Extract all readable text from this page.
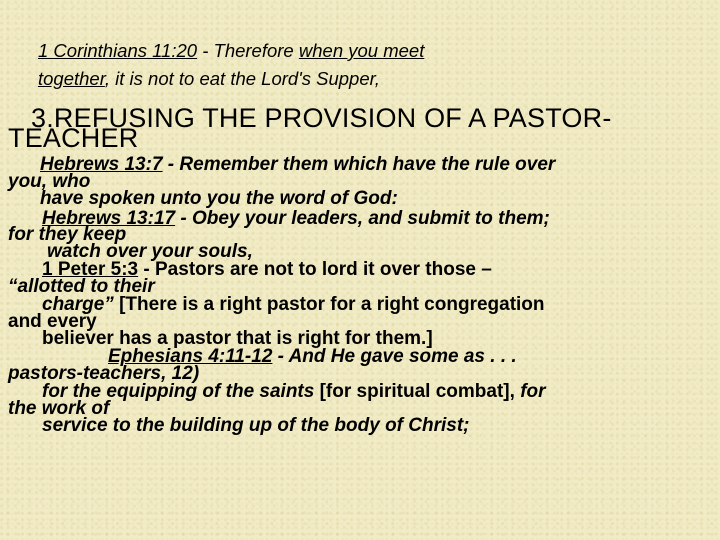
1 Corinthians 11:20 - Therefore when you meet
together, it is not to eat the Lord's Supper,
3.REFUSING THE PROVISION OF A PASTOR-
TEACHER
Hebrews 13:7 - Remember them which have the rule over
you, who
have spoken unto you the word of God:
Hebrews 13:17 - Obey your leaders, and submit to them;
for they keep
watch over your souls,
1 Peter 5:3 - Pastors are not to lord it over those –
“allotted to their
charge” [There is a right pastor for a right congregation
and every
believer has a pastor that is right for them.]
Ephesians 4:11-12 - And He gave some as . . .
pastors-teachers, 12)
for the equipping of the saints [for spiritual combat], for
the work of
service to the building up of the body of Christ;
